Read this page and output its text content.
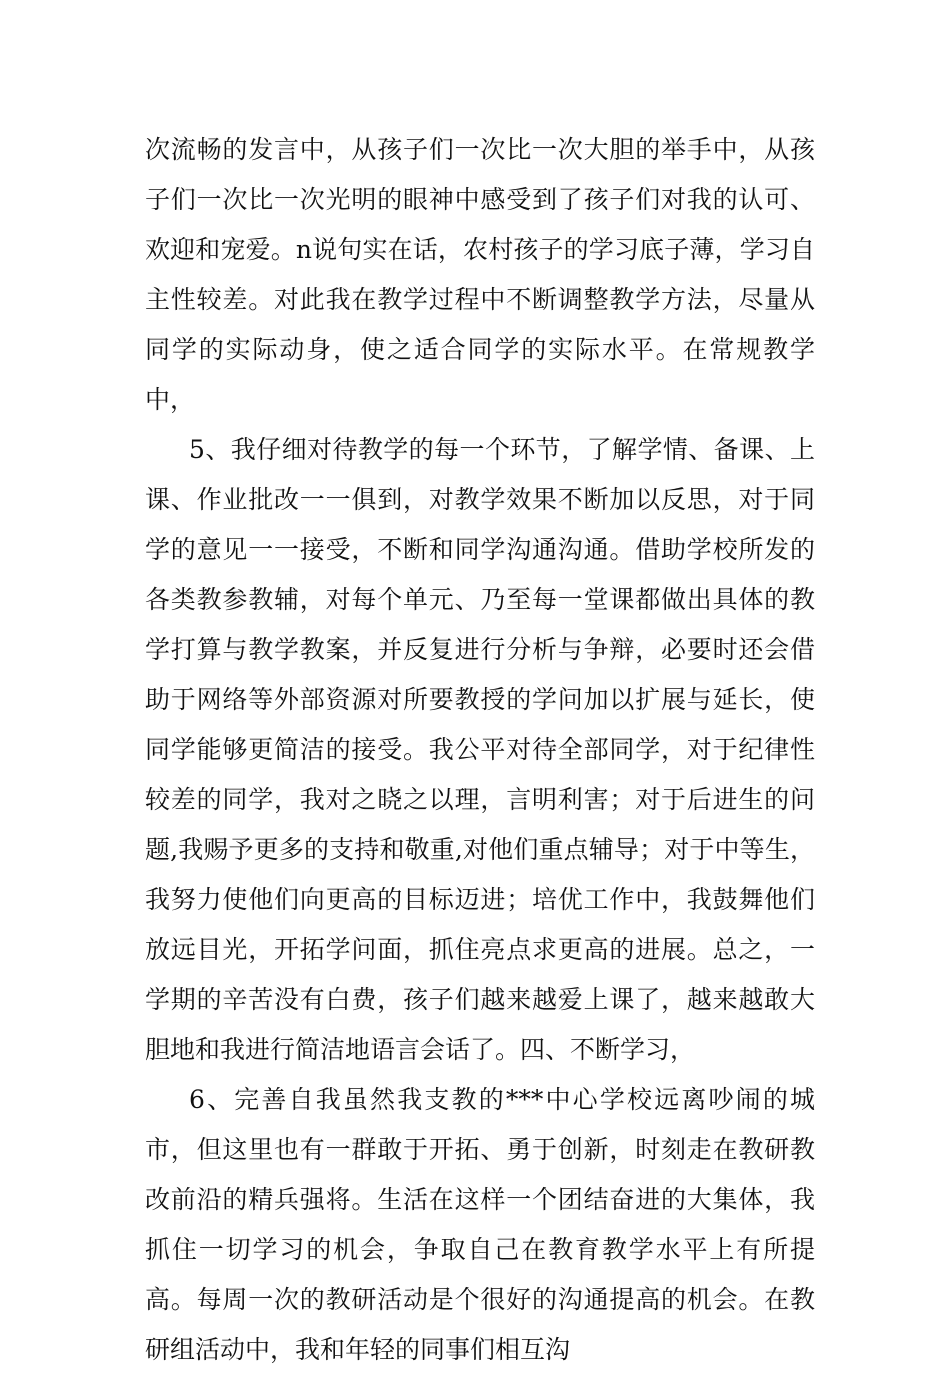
次流畅的发言中，从孩子们一次比一次大胆的举手中，从孩子们一次比一次光明的眼神中感受到了孩子们对我的认可、欢迎和宠爱。n说句实在话，农村孩子的学习底子薄，学习自主性较差。对此我在教学过程中不断调整教学方法，尽量从同学的实际动身，使之适合同学的实际水平。在常规教学中，

5、我仔细对待教学的每一个环节，了解学情、备课、上课、作业批改一一俱到，对教学效果不断加以反思，对于同学的意见一一接受，不断和同学沟通沟通。借助学校所发的各类教参教辅，对每个单元、乃至每一堂课都做出具体的教学打算与教学教案，并反复进行分析与争辩，必要时还会借助于网络等外部资源对所要教授的学问加以扩展与延长，使同学能够更简洁的接受。我公平对待全部同学，对于纪律性较差的同学，我对之晓之以理，言明利害；对于后进生的问题,我赐予更多的支持和敬重,对他们重点辅导；对于中等生，我努力使他们向更高的目标迈进；培优工作中，我鼓舞他们放远目光，开拓学问面，抓住亮点求更高的进展。总之，一学期的辛苦没有白费，孩子们越来越爱上课了，越来越敢大胆地和我进行简洁地语言会话了。四、不断学习，

6、完善自我虽然我支教的***中心学校远离吵闹的城市，但这里也有一群敢于开拓、勇于创新，时刻走在教研教改前沿的精兵强将。生活在这样一个团结奋进的大集体，我抓住一切学习的机会，争取自己在教育教学水平上有所提高。每周一次的教研活动是个很好的沟通提高的机会。在教研组活动中，我和年轻的同事们相互沟
